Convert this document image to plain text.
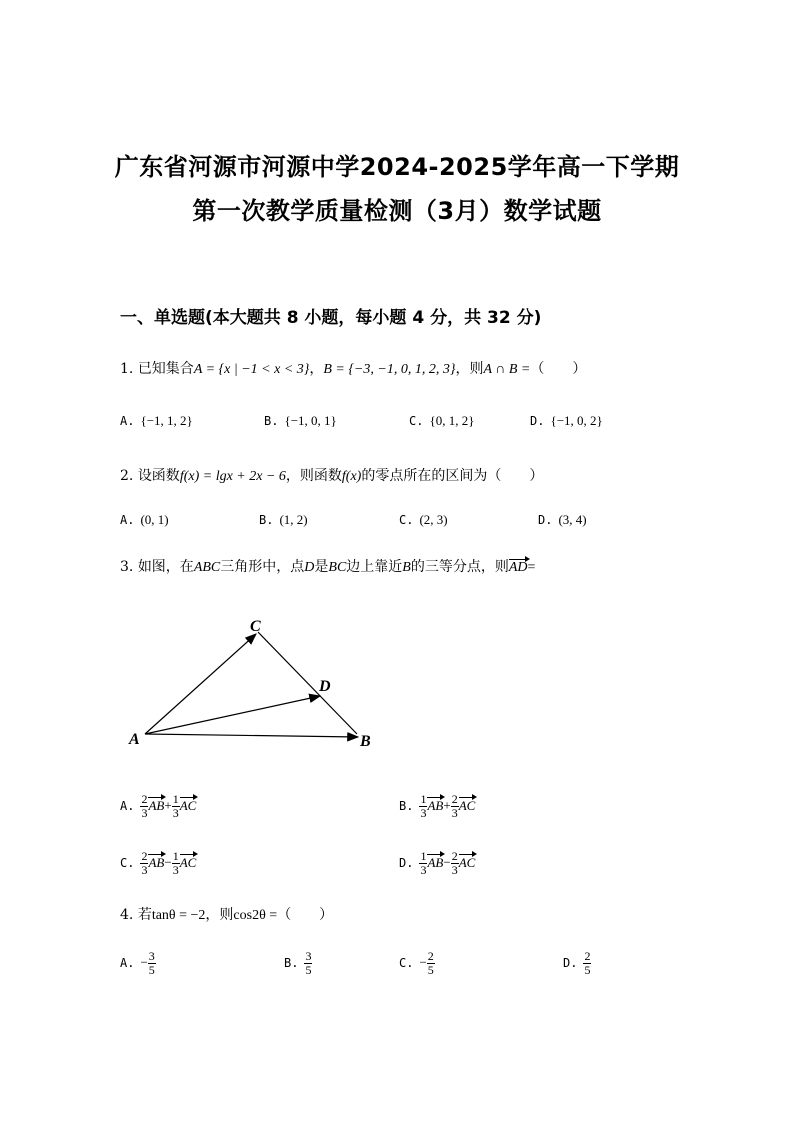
广东省河源市河源中学2024-2025学年高一下学期
第一次教学质量检测（3月）数学试题
一、单选题(本大题共 8 小题，每小题 4 分，共 32 分)
1. 已知集合A = {x | −1 < x < 3}，B = {−3, −1, 0, 1, 2, 3}，则A ∩ B =（　　）
A. {−1, 1, 2}	B. {−1, 0, 1}	C. {0, 1, 2}	D. {−1, 0, 2}
2. 设函数f(x) = lgx + 2x − 6，则函数f(x)的零点所在的区间为（　　）
A. (0, 1)	B. (1, 2)	C. (2, 3)	D. (3, 4)
3. 如图，在ABC三角形中，点D是BC边上靠近B的三等分点，则AD=
C
D
A	B
A. $\frac{2}{3} AB+ \frac{1}{3}$ AC	B. $\frac{1}{3} AB+ \frac{2}{3}$ AC
C. $\frac{2}{3} AB- \frac{1}{3}$ AC	D. $\frac{1}{3} AB- \frac{2}{3}$ AC
4. 若tanθ = −2，则cos2θ =（　　）
A. − $\frac{3}{5}$	B. $\frac{3}{5}$	C. − $\frac{2}{5}$	D. $\frac{2}{5}$
